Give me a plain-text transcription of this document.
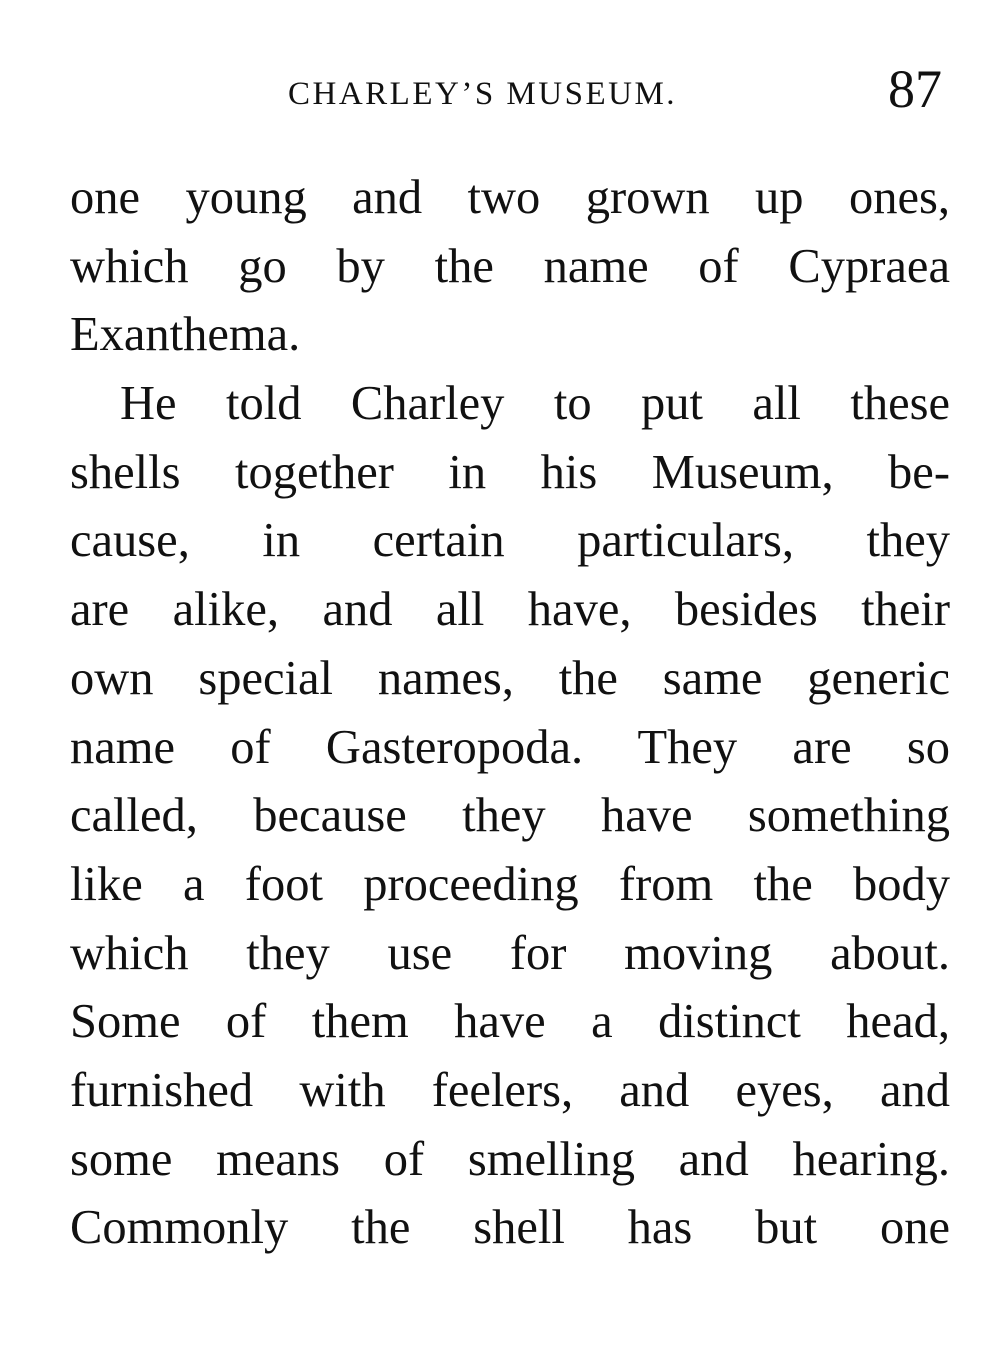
CHARLEY’S MUSEUM.	87
one young and two grown up ones,
which go by the name of Cypraea
Exanthema.
He told Charley to put all these
shells together in his Museum, be-
cause, in certain particulars, they
are alike, and all have, besides their
own special names, the same generic
name of Gasteropoda. They are so
called, because they have something
like a foot proceeding from the body
which they use for moving about.
Some of them have a distinct head,
furnished with feelers, and eyes, and
some means of smelling and hearing.
Commonly the shell has but one
